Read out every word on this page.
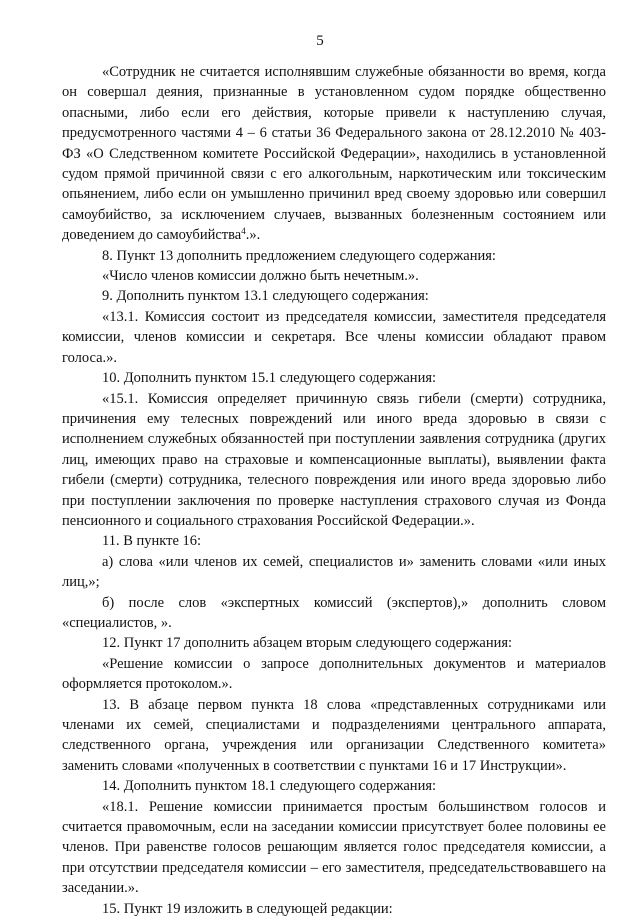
5

«Сотрудник не считается исполнявшим служебные обязанности во время, когда он совершал деяния, признанные в установленном судом порядке общественно опасными, либо если его действия, которые привели к наступлению случая, предусмотренного частями 4 – 6 статьи 36 Федерального закона от 28.12.2010 № 403-ФЗ «О Следственном комитете Российской Федерации», находились в установленной судом прямой причинной связи с его алкогольным, наркотическим или токсическим опьянением, либо если он умышленно причинил вред своему здоровью или совершил самоубийство, за исключением случаев, вызванных болезненным состоянием или доведением до самоубийства$^4$.».

8. Пункт 13 дополнить предложением следующего содержания:

«Число членов комиссии должно быть нечетным.».

9. Дополнить пунктом 13.1 следующего содержания:

«13.1. Комиссия состоит из председателя комиссии, заместителя председателя комиссии, членов комиссии и секретаря. Все члены комиссии обладают правом голоса.».

10. Дополнить пунктом 15.1 следующего содержания:

«15.1. Комиссия определяет причинную связь гибели (смерти) сотрудника, причинения ему телесных повреждений или иного вреда здоровью в связи с исполнением служебных обязанностей при поступлении заявления сотрудника (других лиц, имеющих право на страховые и компенсационные выплаты), выявлении факта гибели (смерти) сотрудника, телесного повреждения или иного вреда здоровью либо при поступлении заключения по проверке наступления страхового случая из Фонда пенсионного и социального страхования Российской Федерации.».

11. В пункте 16:

а) слова «или членов их семей, специалистов и» заменить словами «или иных лиц,»;

б) после слов «экспертных комиссий (экспертов),» дополнить словом «специалистов, ».

12. Пункт 17 дополнить абзацем вторым следующего содержания:

«Решение комиссии о запросе дополнительных документов и материалов оформляется протоколом.».

13. В абзаце первом пункта 18 слова «представленных сотрудниками или членами их семей, специалистами и подразделениями центрального аппарата, следственного органа, учреждения или организации Следственного комитета» заменить словами «полученных в соответствии с пунктами 16 и 17 Инструкции».

14. Дополнить пунктом 18.1 следующего содержания:

«18.1. Решение комиссии принимается простым большинством голосов и считается правомочным, если на заседании комиссии присутствует более половины ее членов. При равенстве голосов решающим является голос председателя комиссии, а при отсутствии председателя комиссии – его заместителя, председательствовавшего на заседании.».

15. Пункт 19 изложить в следующей редакции:
